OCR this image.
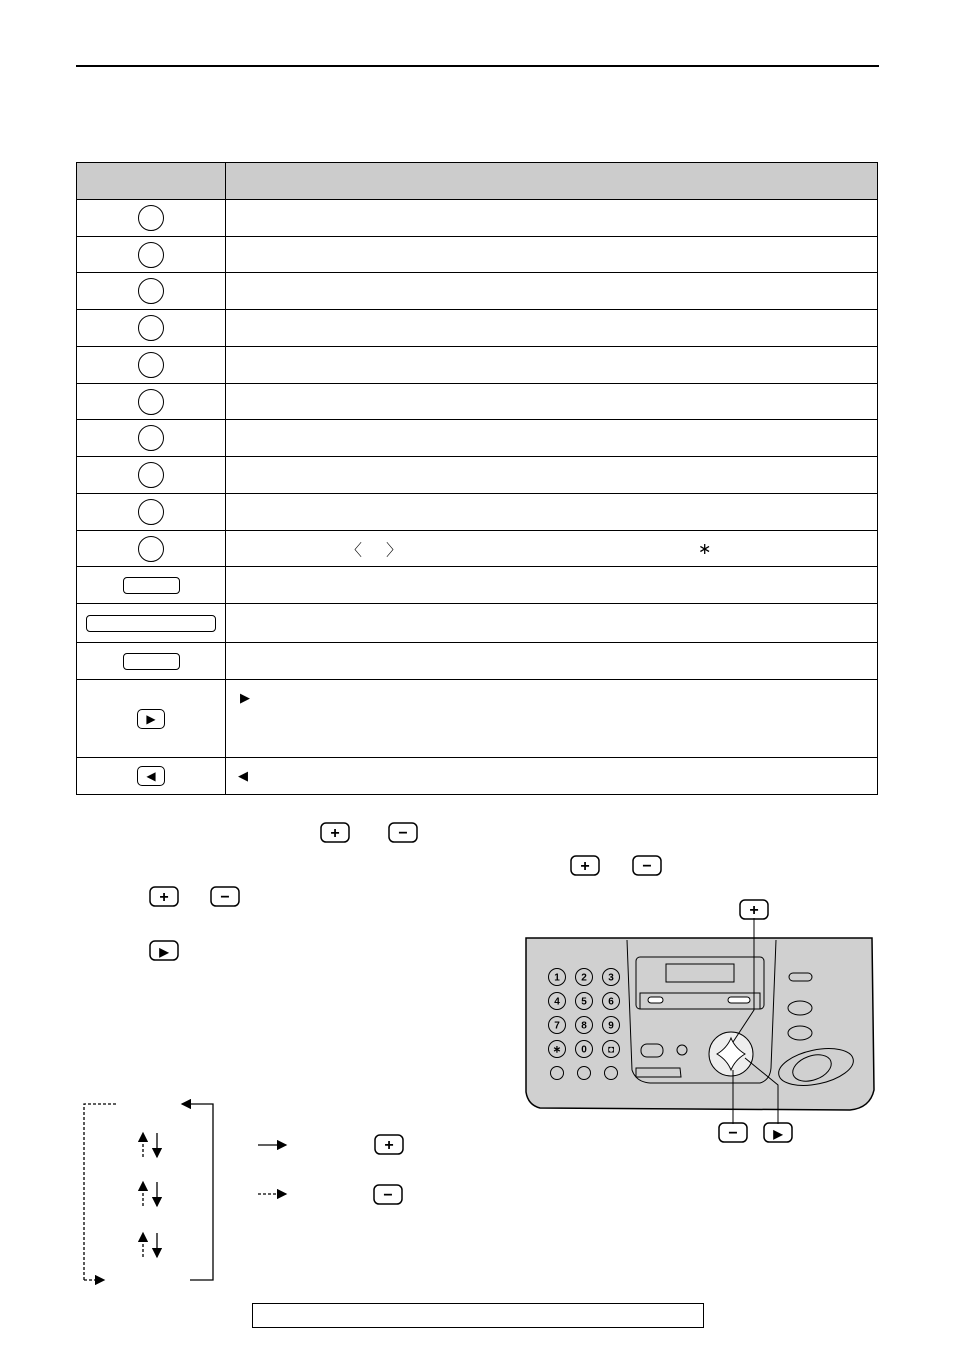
〈 〉	∗
▶
▶
◀	◀
+	−
+	−
+	−
▶
+
+
−
−	▶
1 2 3
4 5 6
7 8 9
∗ 0 ◘
